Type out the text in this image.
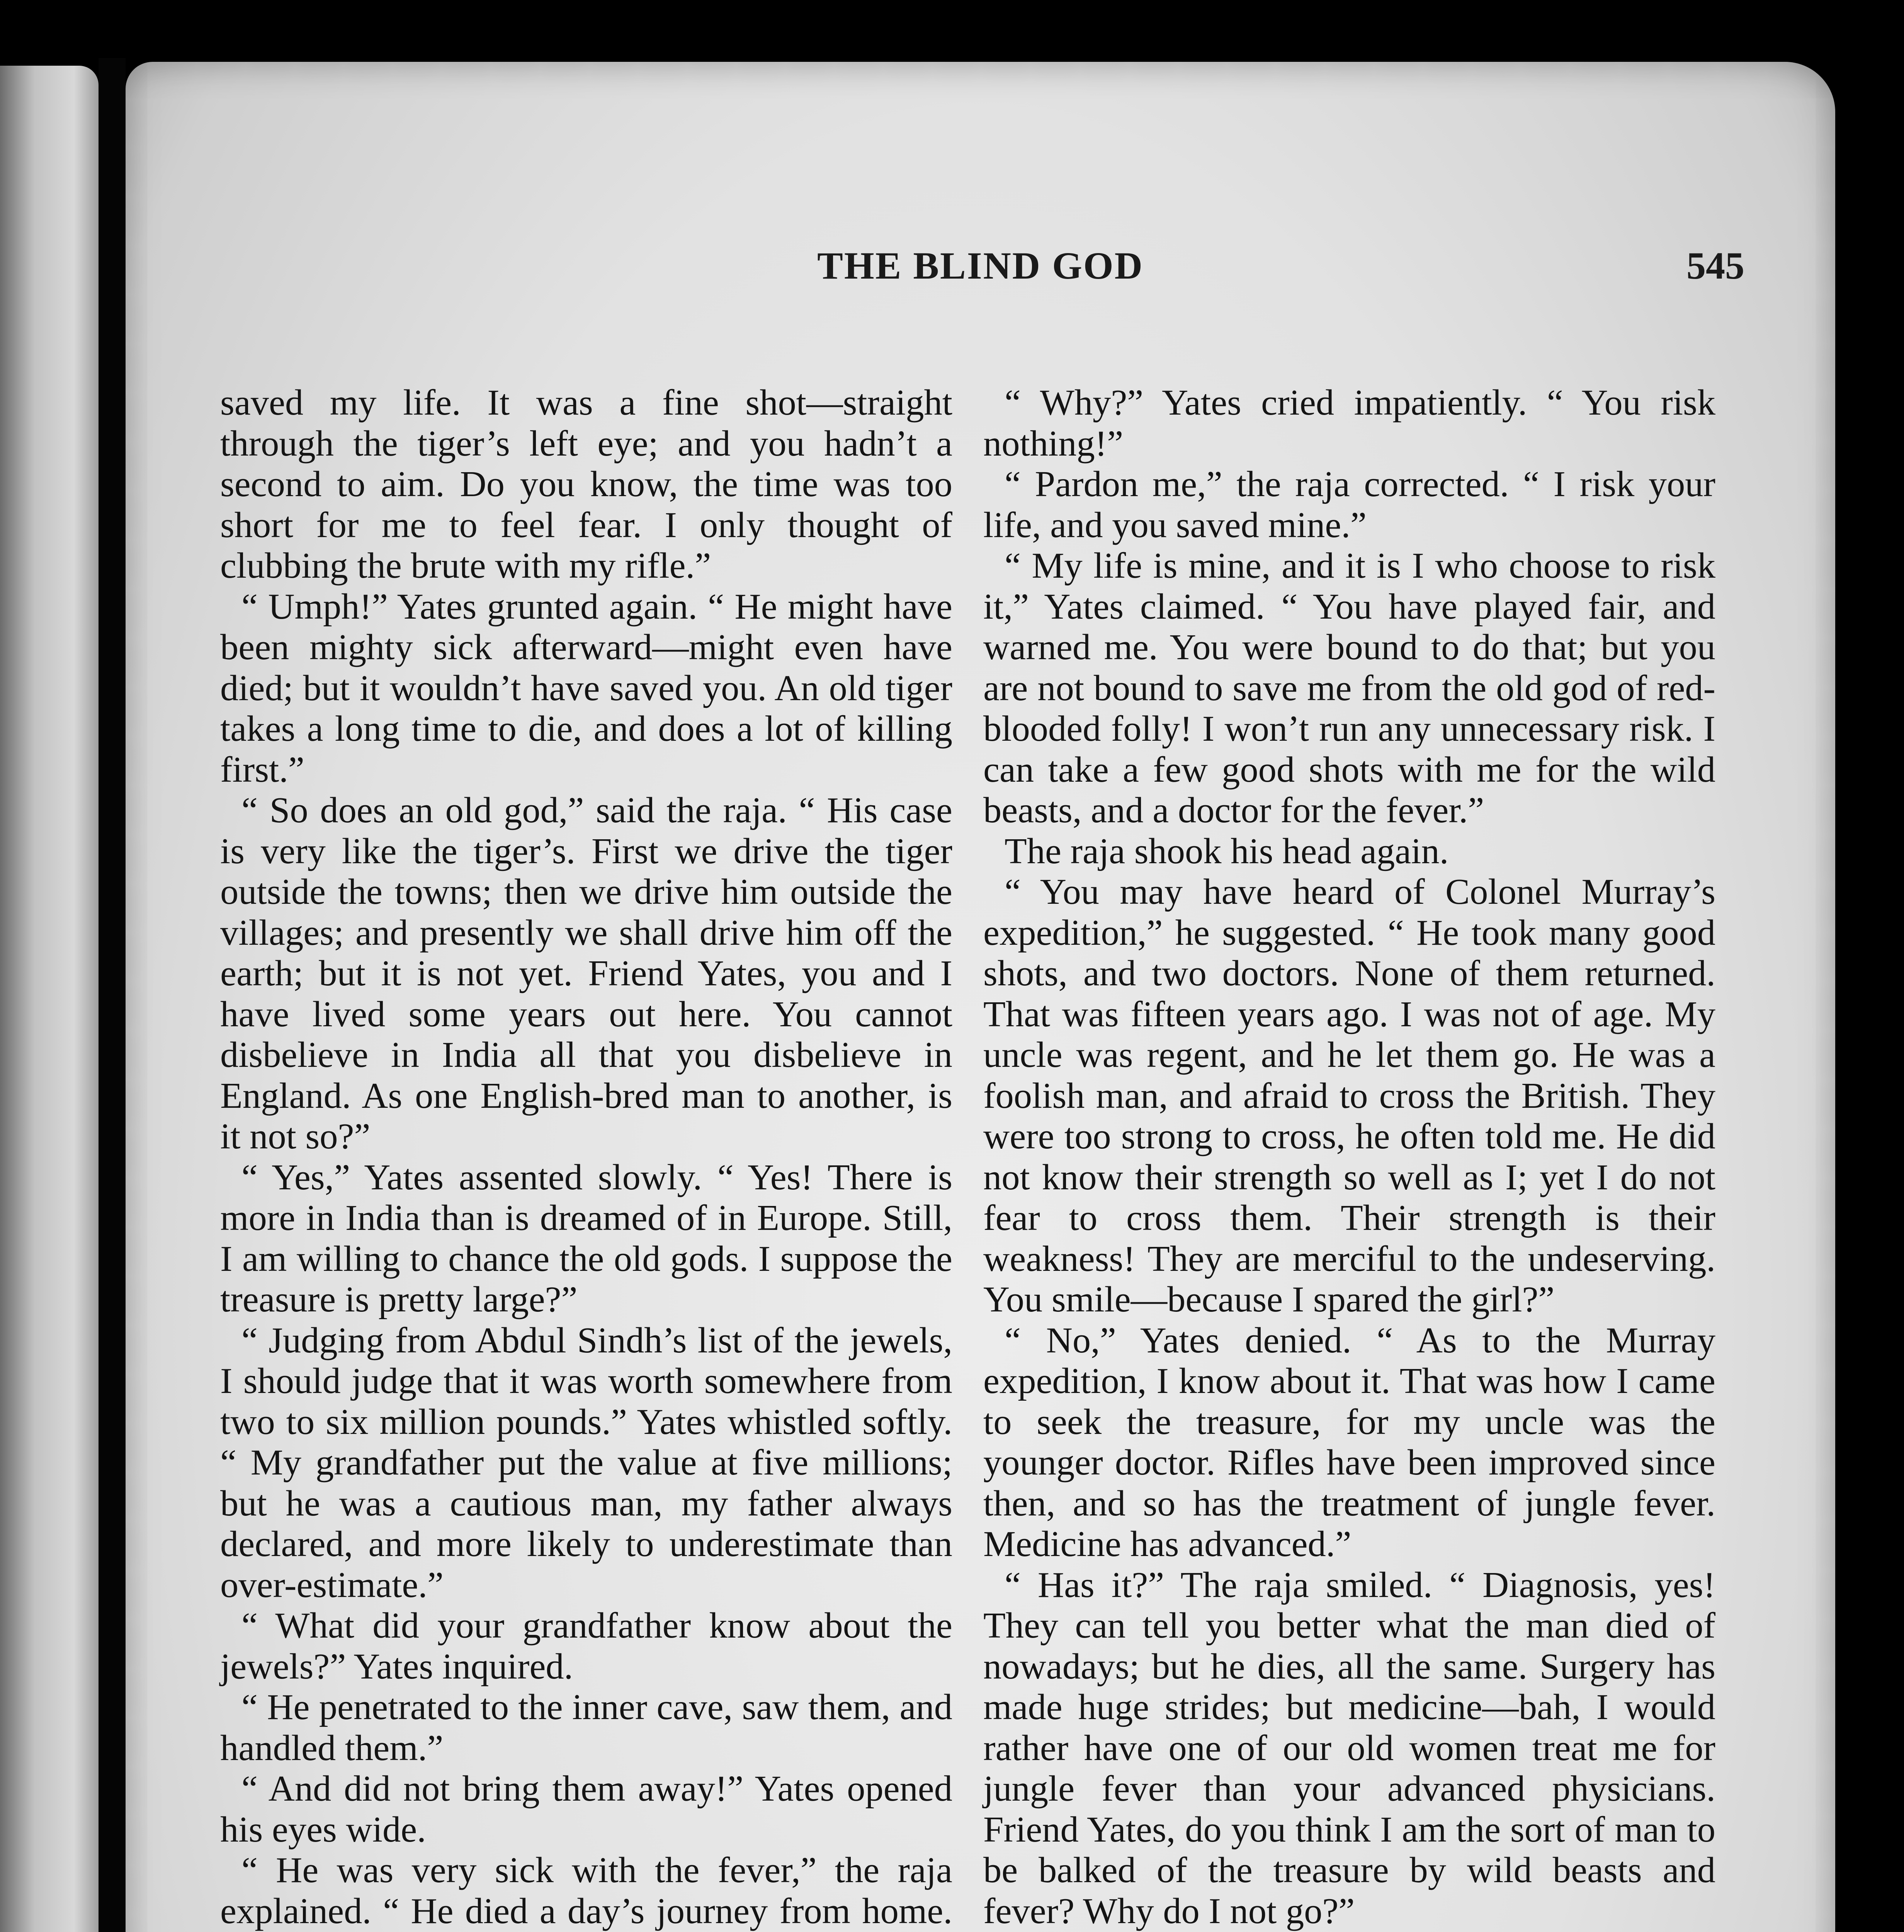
THE BLIND GOD	545

saved my life. It was a fine shot—straight through the tiger’s left eye; and you hadn’t a second to aim. Do you know, the time was too short for me to feel fear. I only thought of clubbing the brute with my rifle.”

“ Umph!” Yates grunted again. “ He might have been mighty sick afterward—might even have died; but it wouldn’t have saved you. An old tiger takes a long time to die, and does a lot of killing first.”

“ So does an old god,” said the raja. “ His case is very like the tiger’s. First we drive the tiger outside the towns; then we drive him outside the villages; and presently we shall drive him off the earth; but it is not yet. Friend Yates, you and I have lived some years out here. You cannot disbelieve in India all that you disbelieve in England. As one English-bred man to another, is it not so?”

“ Yes,” Yates assented slowly. “ Yes! There is more in India than is dreamed of in Europe. Still, I am willing to chance the old gods. I suppose the treasure is pretty large?”

“ Judging from Abdul Sindh’s list of the jewels, I should judge that it was worth somewhere from two to six million pounds.” Yates whistled softly. “ My grandfather put the value at five millions; but he was a cautious man, my father always declared, and more likely to underestimate than over-estimate.”

“ What did your grandfather know about the jewels?” Yates inquired.

“ He penetrated to the inner cave, saw them, and handled them.”

“ And did not bring them away!” Yates opened his eyes wide.

“ He was very sick with the fever,” the raja explained. “ He died a day’s journey from home.

“ Why?” Yates cried impatiently. “ You risk nothing!”

“ Pardon me,” the raja corrected. “ I risk your life, and you saved mine.”

“ My life is mine, and it is I who choose to risk it,” Yates claimed. “ You have played fair, and warned me. You were bound to do that; but you are not bound to save me from the old god of red-blooded folly! I won’t run any unnecessary risk. I can take a few good shots with me for the wild beasts, and a doctor for the fever.”

The raja shook his head again.

“ You may have heard of Colonel Murray’s expedition,” he suggested. “ He took many good shots, and two doctors. None of them returned. That was fifteen years ago. I was not of age. My uncle was regent, and he let them go. He was a foolish man, and afraid to cross the British. They were too strong to cross, he often told me. He did not know their strength so well as I; yet I do not fear to cross them. Their strength is their weakness! They are merciful to the undeserving. You smile—because I spared the girl?”

“ No,” Yates denied. “ As to the Murray expedition, I know about it. That was how I came to seek the treasure, for my uncle was the younger doctor. Rifles have been improved since then, and so has the treatment of jungle fever. Medicine has advanced.”

“ Has it?” The raja smiled. “ Diagnosis, yes! They can tell you better what the man died of nowadays; but he dies, all the same. Surgery has made huge strides; but medicine—bah, I would rather have one of our old women treat me for jungle fever than your advanced physicians. Friend Yates, do you think I am the sort of man to be balked of the treasure by wild beasts and fever? Why do I not go?”
